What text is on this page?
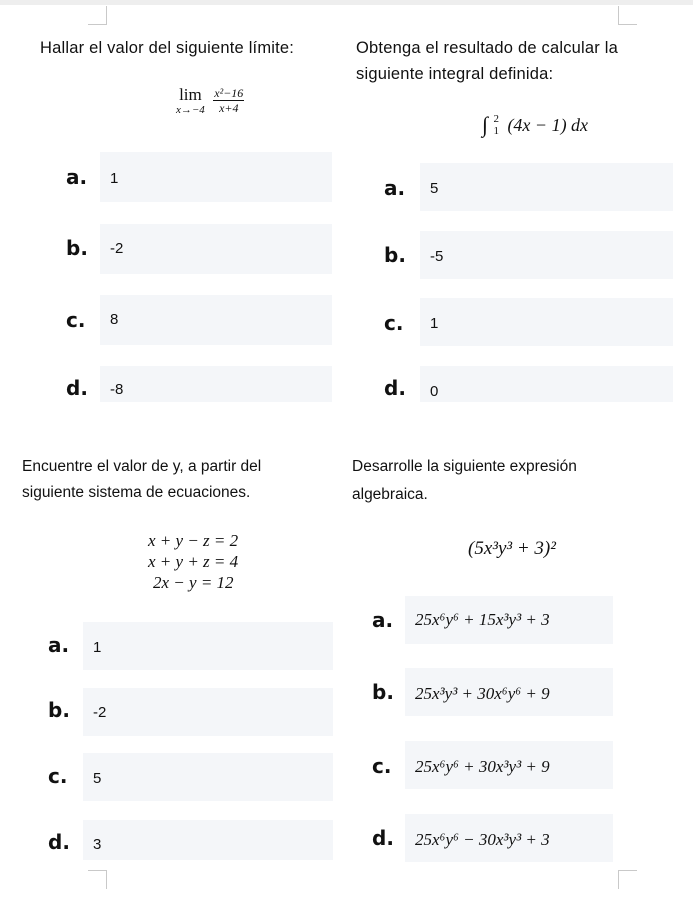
Hallar el valor del siguiente límite:
lim
x→−4
$\frac{\text{x²−16}}{x+4}$
a. 1
b. -2
c. 8
d. -8
Obtenga el resultado de calcular la
siguiente integral definida:
∫ 2
1 (4x − 1) dx
a. 5
b. -5
c. 1
d. 0
Encuentre el valor de y, a partir del
siguiente sistema de ecuaciones.
x + y − z = 2
x + y + z = 4
2x − y = 12
a. 1
b. -2
c. 5
d. 3
Desarrolle la siguiente expresión
algebraica.
(5x³y³ + 3)²
a. 25x⁶y⁶ + 15x³y³ + 3
b. 25x³y³ + 30x⁶y⁶ + 9
c. 25x⁶y⁶ + 30x³y³ + 9
d. 25x⁶y⁶ − 30x³y³ + 3
